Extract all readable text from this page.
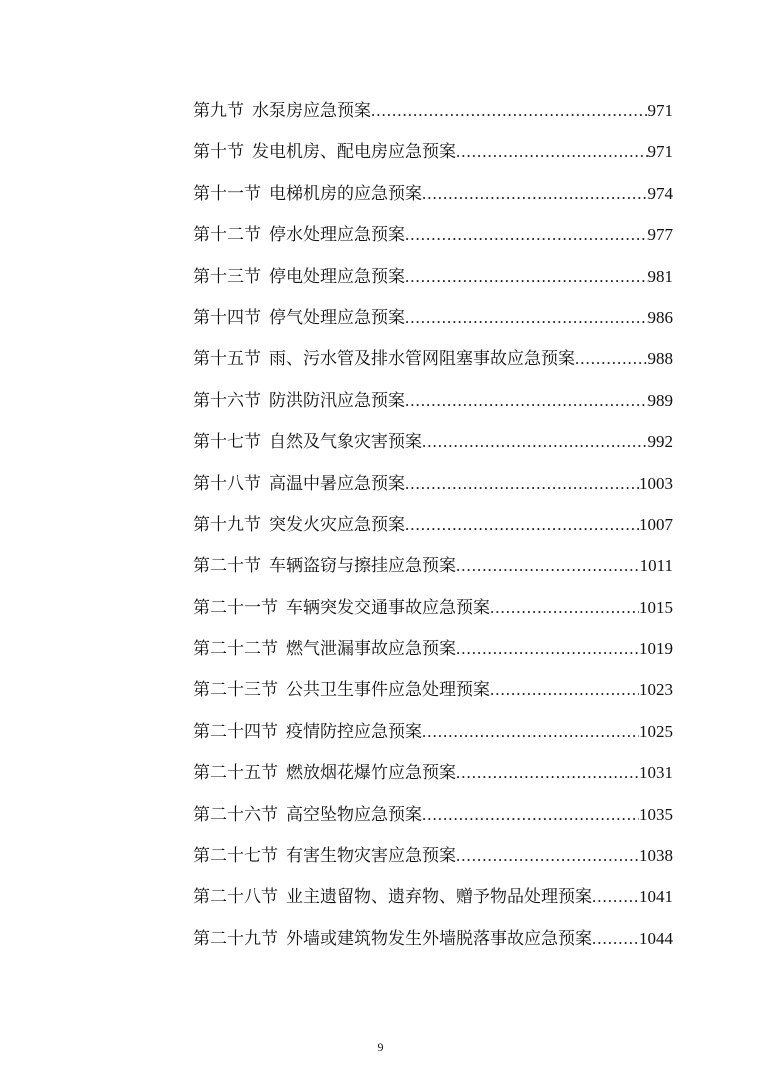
第九节 水泵房应急预案 .....	971
第十节 发电机房、配电房应急预案 .....	971
第十一节 电梯机房的应急预案 .....	974
第十二节 停水处理应急预案 .....	977
第十三节 停电处理应急预案 .....	981
第十四节 停气处理应急预案 .....	986
第十五节 雨、污水管及排水管网阻塞事故应急预案 .....	988
第十六节 防洪防汛应急预案 .....	989
第十七节 自然及气象灾害预案 .....	992
第十八节 高温中暑应急预案 .....	1003
第十九节 突发火灾应急预案 .....	1007
第二十节 车辆盗窃与擦挂应急预案 .....	1011
第二十一节 车辆突发交通事故应急预案 .....	1015
第二十二节 燃气泄漏事故应急预案 .....	1019
第二十三节 公共卫生事件应急处理预案 .....	1023
第二十四节 疫情防控应急预案 .....	1025
第二十五节 燃放烟花爆竹应急预案 .....	1031
第二十六节 高空坠物应急预案 .....	1035
第二十七节 有害生物灾害应急预案 .....	1038
第二十八节 业主遗留物、遗弃物、赠予物品处理预案 .....	1041
第二十九节 外墙或建筑物发生外墙脱落事故应急预案 .....	1044
9
